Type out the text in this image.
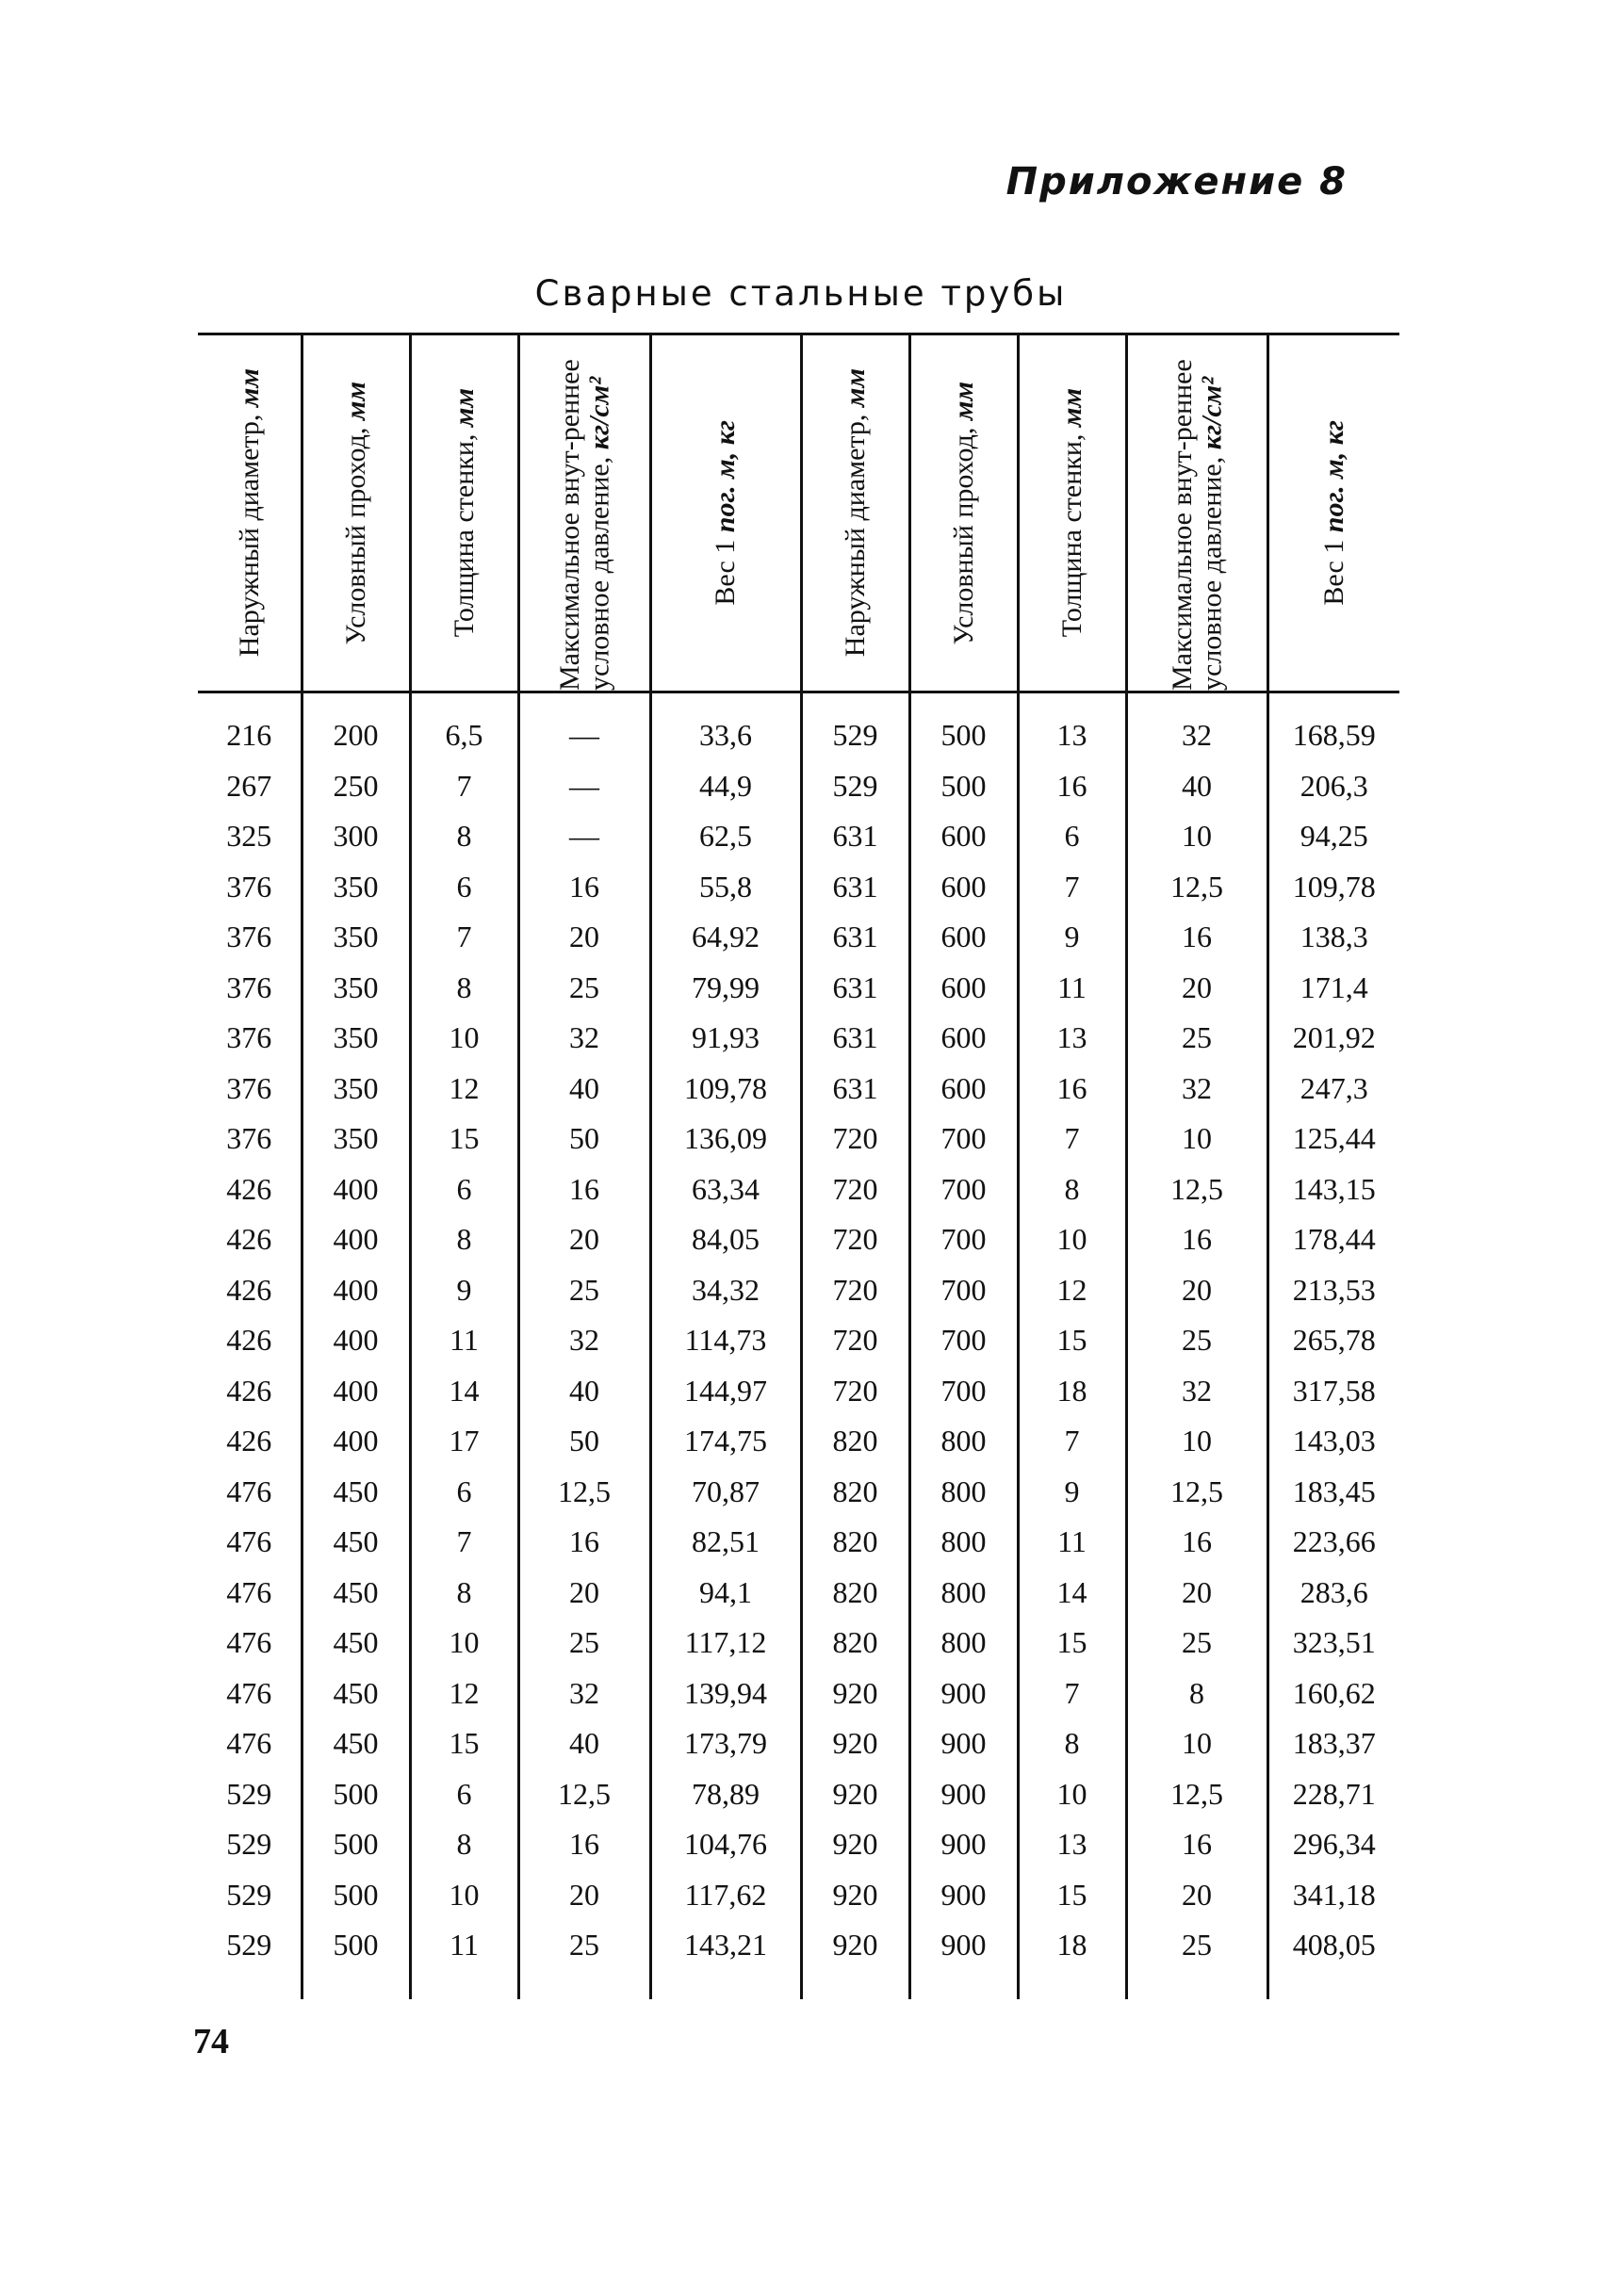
Приложение 8
Сварные стальные трубы
Наружный диаметр, мм	Условный проход, мм	Толщина стенки, мм	Максимальное внут-реннее условное давление, кг/см²	Вес 1 пог. м, кг	Наружный диаметр, мм	Условный проход, мм	Толщина стенки, мм	Максимальное внут-реннее условное давление, кг/см²	Вес 1 пог. м, кг

216	200	6,5	—	33,6	529	500	13	32	168,59
267	250	7	—	44,9	529	500	16	40	206,3
325	300	8	—	62,5	631	600	6	10	94,25
376	350	6	16	55,8	631	600	7	12,5	109,78
376	350	7	20	64,92	631	600	9	16	138,3
376	350	8	25	79,99	631	600	11	20	171,4
376	350	10	32	91,93	631	600	13	25	201,92
376	350	12	40	109,78	631	600	16	32	247,3
376	350	15	50	136,09	720	700	7	10	125,44
426	400	6	16	63,34	720	700	8	12,5	143,15
426	400	8	20	84,05	720	700	10	16	178,44
426	400	9	25	34,32	720	700	12	20	213,53
426	400	11	32	114,73	720	700	15	25	265,78
426	400	14	40	144,97	720	700	18	32	317,58
426	400	17	50	174,75	820	800	7	10	143,03
476	450	6	12,5	70,87	820	800	9	12,5	183,45
476	450	7	16	82,51	820	800	11	16	223,66
476	450	8	20	94,1	820	800	14	20	283,6
476	450	10	25	117,12	820	800	15	25	323,51
476	450	12	32	139,94	920	900	7	8	160,62
476	450	15	40	173,79	920	900	8	10	183,37
529	500	6	12,5	78,89	920	900	10	12,5	228,71
529	500	8	16	104,76	920	900	13	16	296,34
529	500	10	20	117,62	920	900	15	20	341,18
529	500	11	25	143,21	920	900	18	25	408,05
74
